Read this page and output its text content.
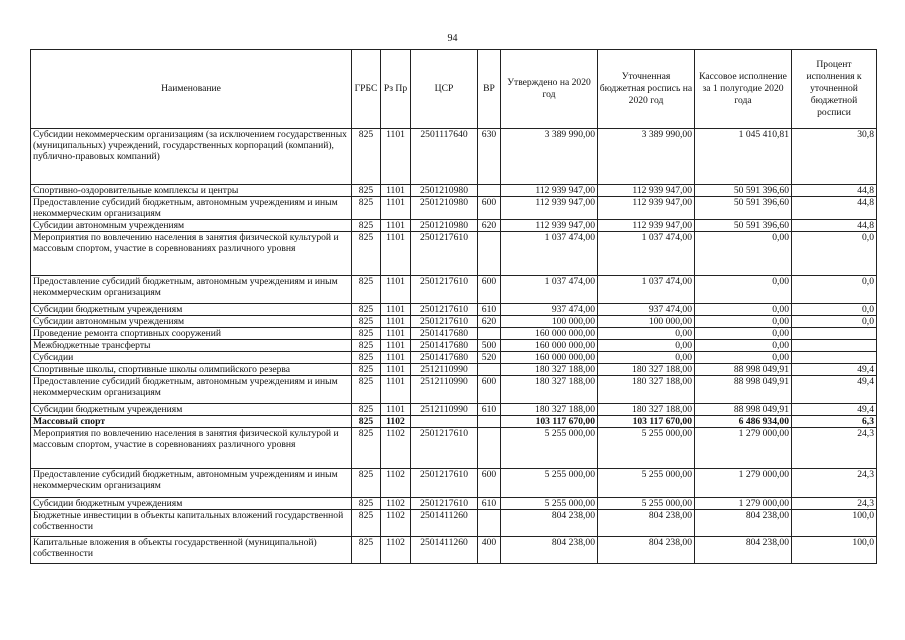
94
Наименование	ГРБС	Рз Пр	ЦСР	ВР	Утверждено на 2020 год	Уточненная бюджетная роспись на 2020 год	Кассовое исполнение за 1 полугодие 2020 года	Процент исполнения к уточненной бюджетной росписи
Субсидии некоммерческим организациям (за исключением государственных (муниципальных) учреждений, государственных корпораций (компаний), публично-правовых компаний)	825	1101	2501117640	630	3 389 990,00	3 389 990,00	1 045 410,81	30,8
Спортивно-оздоровительные комплексы и центры	825	1101	2501210980		112 939 947,00	112 939 947,00	50 591 396,60	44,8
Предоставление субсидий бюджетным, автономным учреждениям и иным некоммерческим организациям	825	1101	2501210980	600	112 939 947,00	112 939 947,00	50 591 396,60	44,8
Субсидии автономным учреждениям	825	1101	2501210980	620	112 939 947,00	112 939 947,00	50 591 396,60	44,8
Мероприятия по вовлечению населения в занятия физической культурой и массовым спортом, участие в соревнованиях различного уровня	825	1101	2501217610		1 037 474,00	1 037 474,00	0,00	0,0
Предоставление субсидий бюджетным, автономным учреждениям и иным некоммерческим организациям	825	1101	2501217610	600	1 037 474,00	1 037 474,00	0,00	0,0
Субсидии бюджетным учреждениям	825	1101	2501217610	610	937 474,00	937 474,00	0,00	0,0
Субсидии автономным учреждениям	825	1101	2501217610	620	100 000,00	100 000,00	0,00	0,0
Проведение ремонта спортивных сооружений	825	1101	2501417680		160 000 000,00	0,00	0,00	
Межбюджетные трансферты	825	1101	2501417680	500	160 000 000,00	0,00	0,00	
Субсидии	825	1101	2501417680	520	160 000 000,00	0,00	0,00	
Спортивные школы, спортивные школы олимпийского резерва	825	1101	2512110990		180 327 188,00	180 327 188,00	88 998 049,91	49,4
Предоставление субсидий бюджетным, автономным учреждениям и иным некоммерческим организациям	825	1101	2512110990	600	180 327 188,00	180 327 188,00	88 998 049,91	49,4
Субсидии бюджетным учреждениям	825	1101	2512110990	610	180 327 188,00	180 327 188,00	88 998 049,91	49,4
Массовый спорт	825	1102			103 117 670,00	103 117 670,00	6 486 934,00	6,3
Мероприятия по вовлечению населения в занятия физической культурой и массовым спортом, участие в соревнованиях различного уровня	825	1102	2501217610		5 255 000,00	5 255 000,00	1 279 000,00	24,3
Предоставление субсидий бюджетным, автономным учреждениям и иным некоммерческим организациям	825	1102	2501217610	600	5 255 000,00	5 255 000,00	1 279 000,00	24,3
Субсидии бюджетным учреждениям	825	1102	2501217610	610	5 255 000,00	5 255 000,00	1 279 000,00	24,3
Бюджетные инвестиции в объекты капитальных вложений государственной собственности	825	1102	2501411260		804 238,00	804 238,00	804 238,00	100,0
Капитальные вложения в объекты государственной (муниципальной) собственности	825	1102	2501411260	400	804 238,00	804 238,00	804 238,00	100,0
